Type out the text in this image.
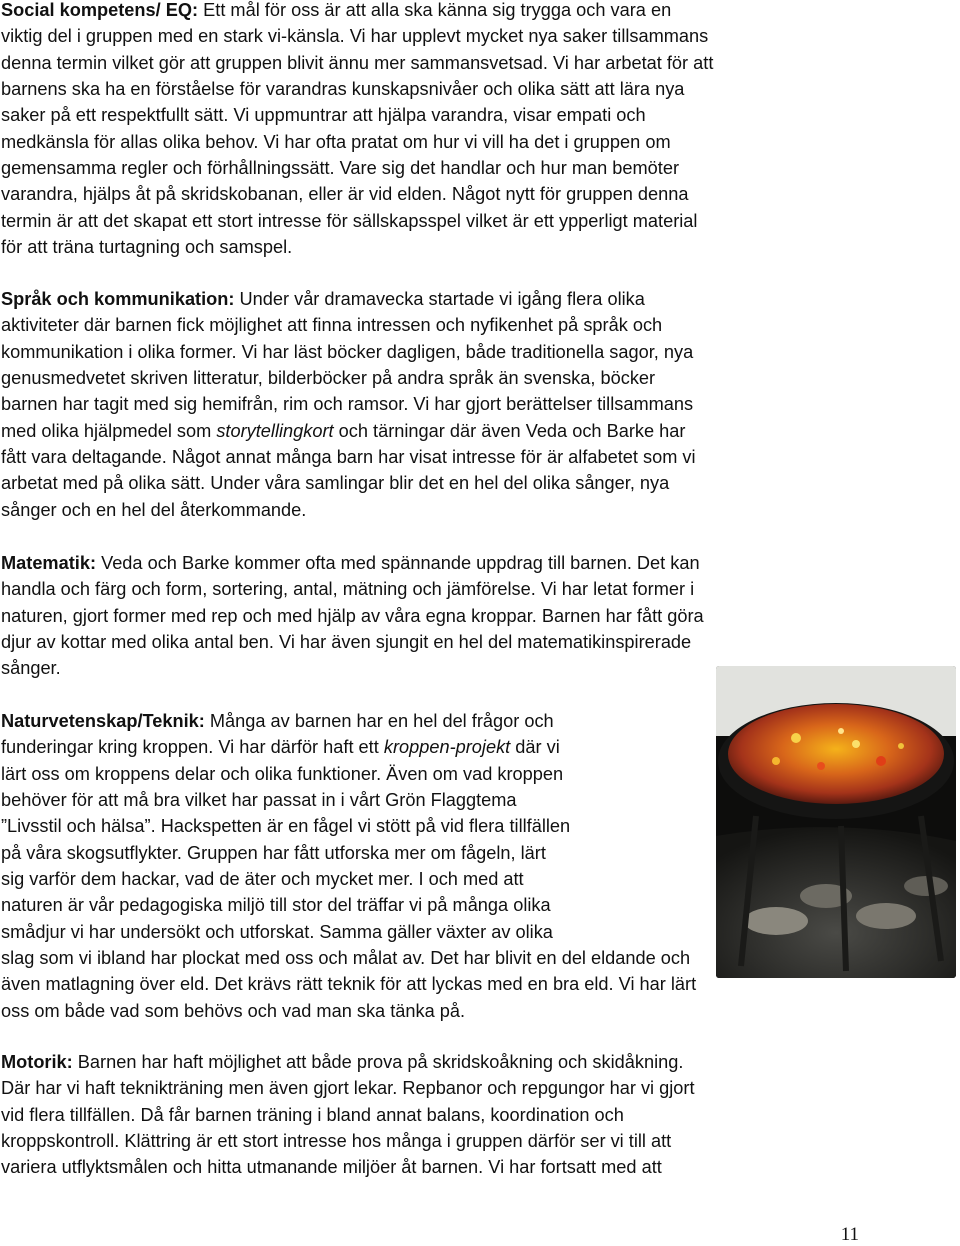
Social kompetens/ EQ: Ett mål för oss är att alla ska känna sig trygga och vara en
viktig del i gruppen med en stark vi-känsla. Vi har upplevt mycket nya saker tillsammans
denna termin vilket gör att gruppen blivit ännu mer sammansvetsad. Vi har arbetat för att
barnens ska ha en förståelse för varandras kunskapsnivåer och olika sätt att lära nya
saker på ett respektfullt sätt. Vi uppmuntrar att hjälpa varandra, visar empati och
medkänsla för allas olika behov. Vi har ofta pratat om hur vi vill ha det i gruppen om
gemensamma regler och förhållningssätt. Vare sig det handlar och hur man bemöter
varandra, hjälps åt på skridskobanan, eller är vid elden. Något nytt för gruppen denna
termin är att det skapat ett stort intresse för sällskapsspel vilket är ett ypperligt material
för att träna turtagning och samspel.
Språk och kommunikation: Under vår dramavecka startade vi igång flera olika
aktiviteter där barnen fick möjlighet att finna intressen och nyfikenhet på språk och
kommunikation i olika former. Vi har läst böcker dagligen, både traditionella sagor, nya
genusmedvetet skriven litteratur, bilderböcker på andra språk än svenska, böcker
barnen har tagit med sig hemifrån, rim och ramsor. Vi har gjort berättelser tillsammans
med olika hjälpmedel som storytellingkort och tärningar där även Veda och Barke har
fått vara deltagande. Något annat många barn har visat intresse för är alfabetet som vi
arbetat med på olika sätt. Under våra samlingar blir det en hel del olika sånger, nya
sånger och en hel del återkommande.
Matematik: Veda och Barke kommer ofta med spännande uppdrag till barnen. Det kan
handla och färg och form, sortering, antal, mätning och jämförelse. Vi har letat former i
naturen, gjort former med rep och med hjälp av våra egna kroppar. Barnen har fått göra
djur av kottar med olika antal ben. Vi har även sjungit en hel del matematikinspirerade
sånger.
Naturvetenskap/Teknik: Många av barnen har en hel del frågor och
funderingar kring kroppen. Vi har därför haft ett kroppen-projekt där vi
lärt oss om kroppens delar och olika funktioner. Även om vad kroppen
behöver för att må bra vilket har passat in i vårt Grön Flaggtema
”Livsstil och hälsa”. Hackspetten är en fågel vi stött på vid flera tillfällen
på våra skogsutflykter. Gruppen har fått utforska mer om fågeln, lärt
sig varför dem hackar, vad de äter och mycket mer. I och med att
naturen är vår pedagogiska miljö till stor del träffar vi på många olika
smådjur vi har undersökt och utforskat. Samma gäller växter av olika
slag som vi ibland har plockat med oss och målat av. Det har blivit en del eldande och
även matlagning över eld. Det krävs rätt teknik för att lyckas med en bra eld. Vi har lärt
oss om både vad som behövs och vad man ska tänka på.
Motorik: Barnen har haft möjlighet att både prova på skridskoåkning och skidåkning.
Där har vi haft teknikträning men även gjort lekar. Repbanor och repgungor har vi gjort
vid flera tillfällen. Då får barnen träning i bland annat balans, koordination och
kroppskontroll. Klättring är ett stort intresse hos många i gruppen därför ser vi till att
variera utflyktsmålen och hitta utmanande miljöer åt barnen. Vi har fortsatt med att
11
